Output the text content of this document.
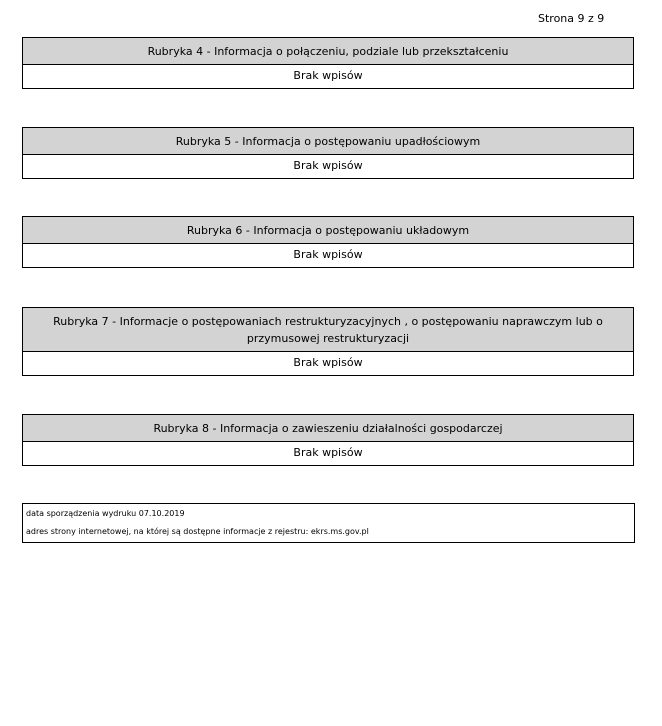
Strona 9 z 9
Rubryka 4 - Informacja o połączeniu, podziale lub przekształceniu
Brak wpisów
Rubryka 5 - Informacja o postępowaniu upadłościowym
Brak wpisów
Rubryka 6 - Informacja o postępowaniu układowym
Brak wpisów
Rubryka 7 - Informacje o postępowaniach restrukturyzacyjnych , o postępowaniu naprawczym lub o przymusowej restrukturyzacji
Brak wpisów
Rubryka 8 - Informacja o zawieszeniu działalności gospodarczej
Brak wpisów
data sporządzenia wydruku 07.10.2019
adres strony internetowej, na której są dostępne informacje z rejestru: ekrs.ms.gov.pl
